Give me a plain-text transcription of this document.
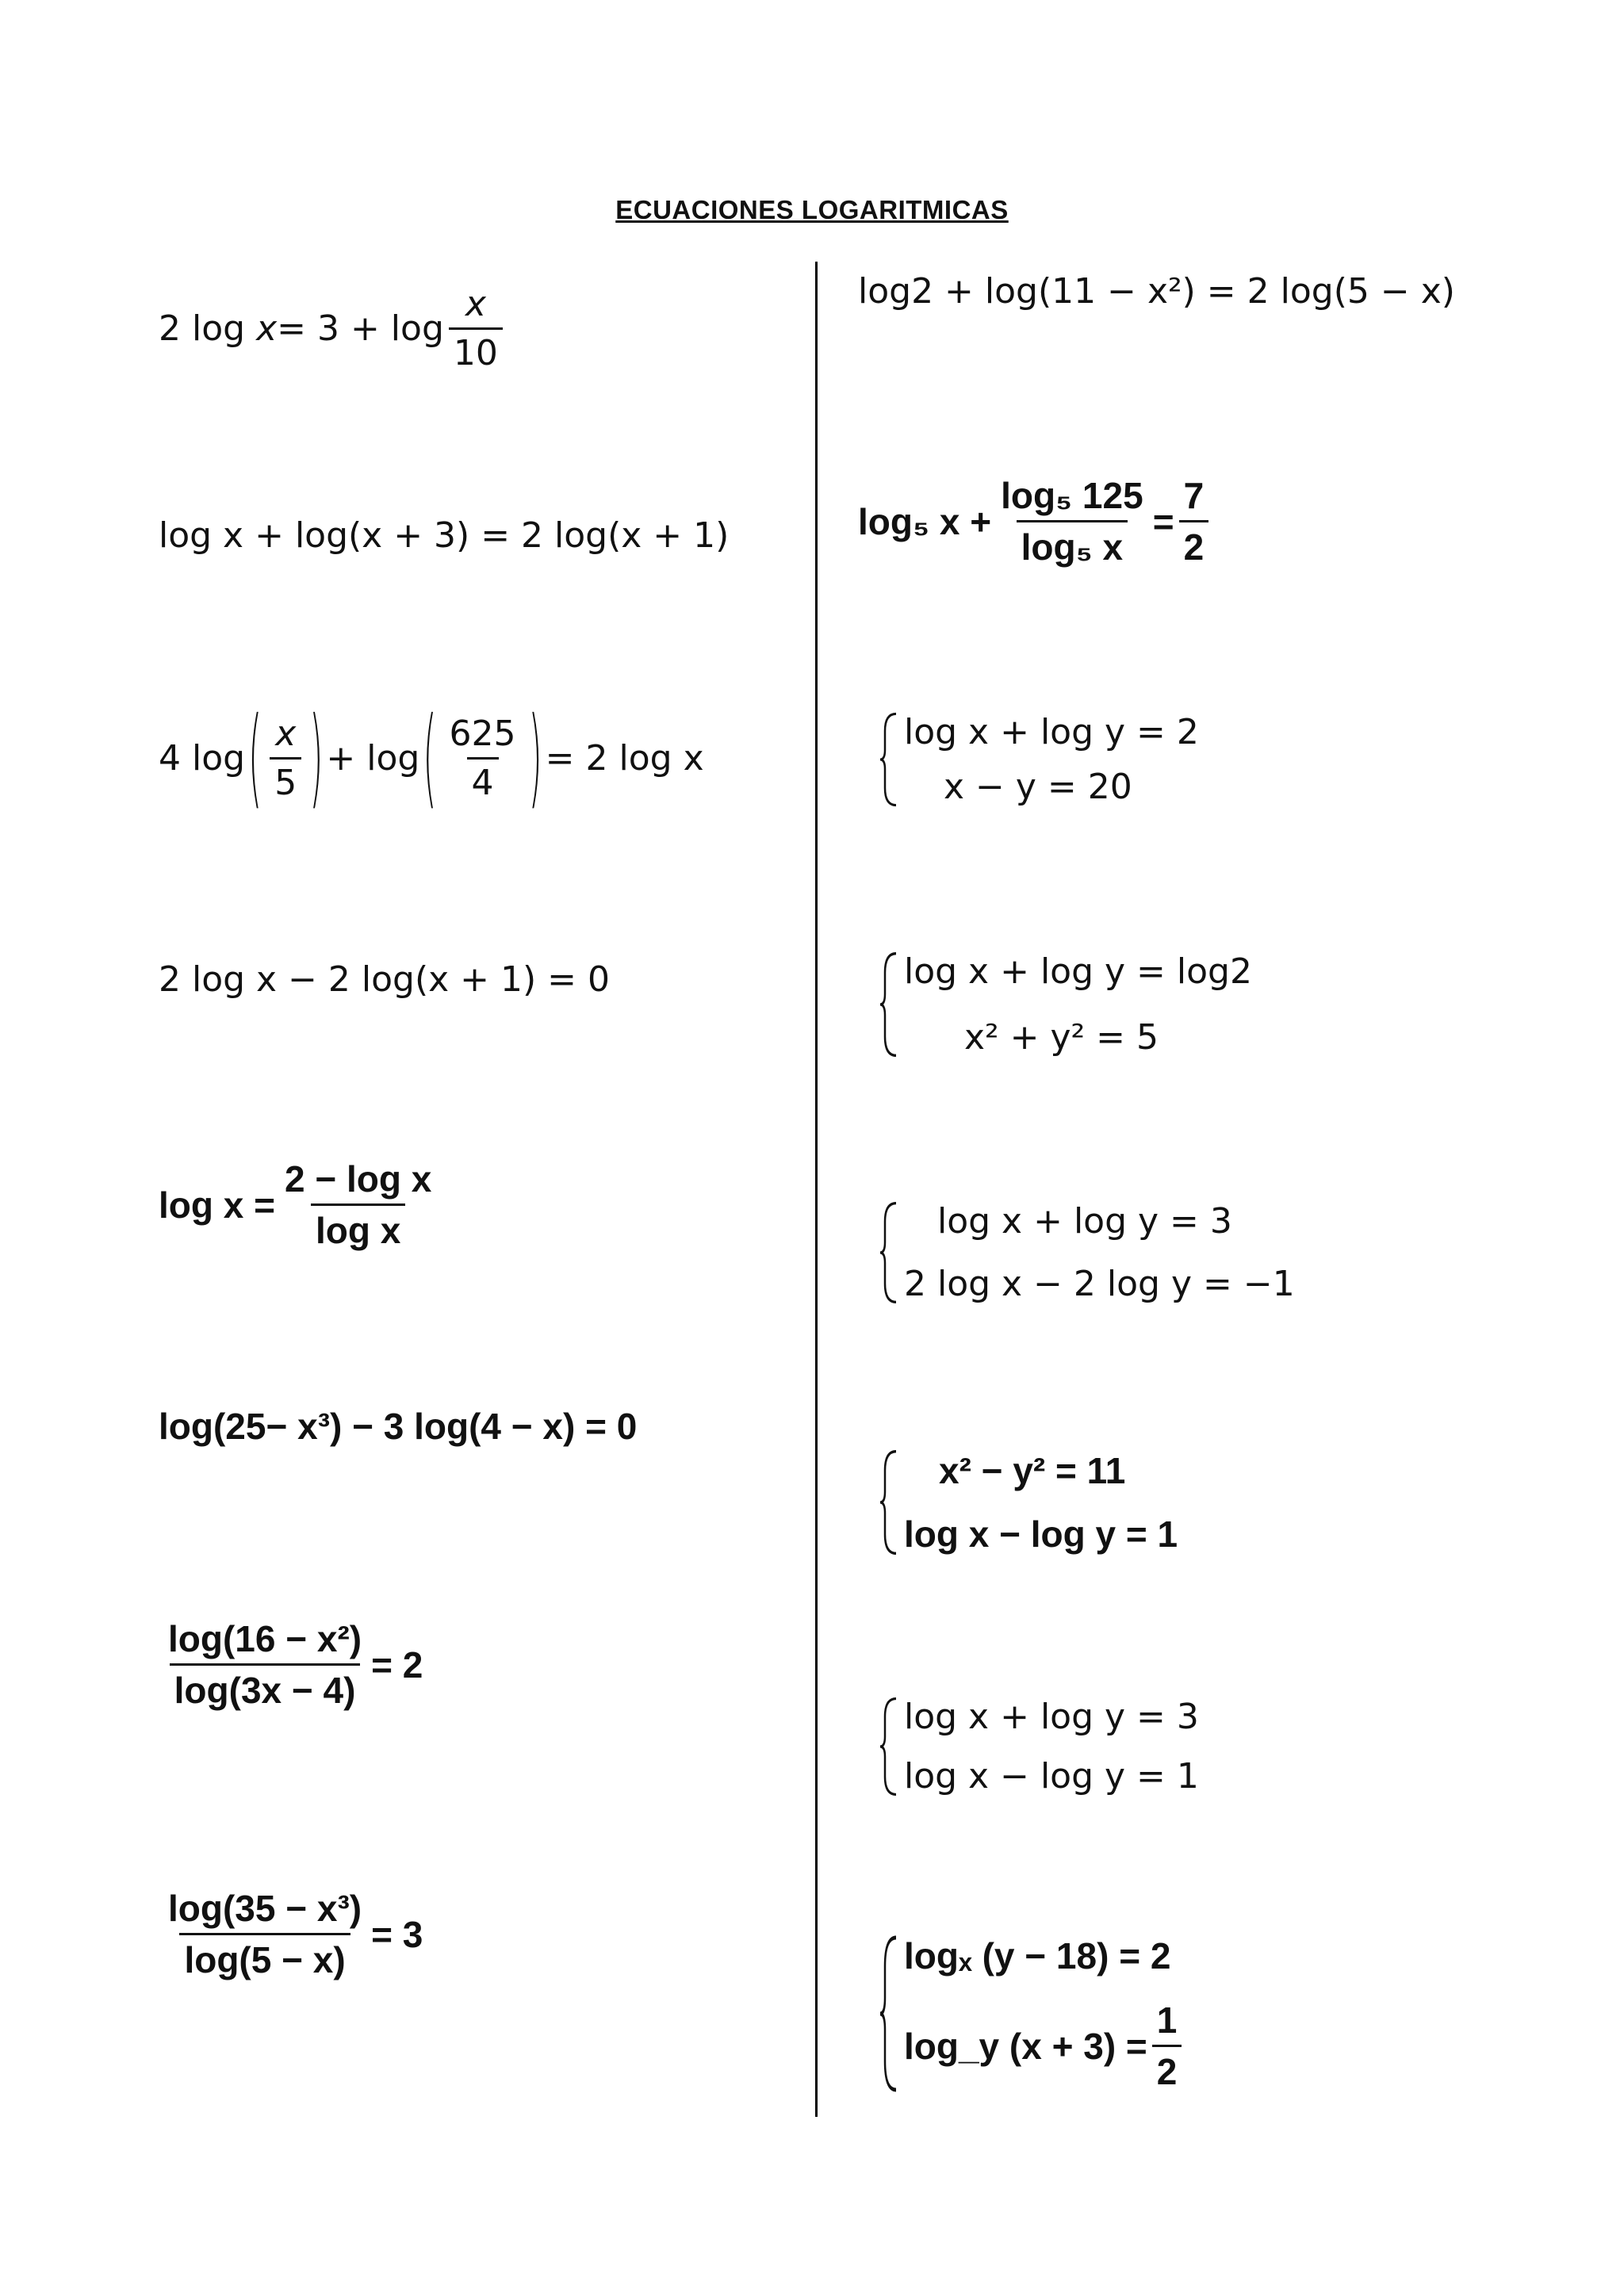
ECUACIONES LOGARITMICAS
2 log
$x = 3 + \log \frac{x}{10}$
log x + log(x + 3) = 2 log(x + 1)
4 log ( $\frac{x}{5}$ ) + log ( $\frac{625}{4}$ ) = 2 log x
2 log x − 2 log(x + 1) = 0
$\log x = \frac{\text{2 − log x}}{\text{log x}}$
log(25− x³) − 3 log(4 − x) = 0
$\frac{\text{log(16 − x²)}}{\log(3x - 4)} = 2$
$\frac{\text{log(35 − x³)}}{\log(5 - x)} = 3$
log2 + log(11 − x²) = 2 log(5 − x)
log₅ $x + \frac{\text{log₅ 125}}{\text{log₅ x}} = \frac{7}{2}$
log x + log y = 2
x − y = 20
log x + log y = log2
x² + y² = 5
log x + log y = 3
2 log x − 2 log y = −1
x² − y² = 11
log x − log y = 1
log x + log y = 3
log x − log y = 1
logₓ (y − 18) = 2
log_y $(x + 3) = \frac{1}{2}$
